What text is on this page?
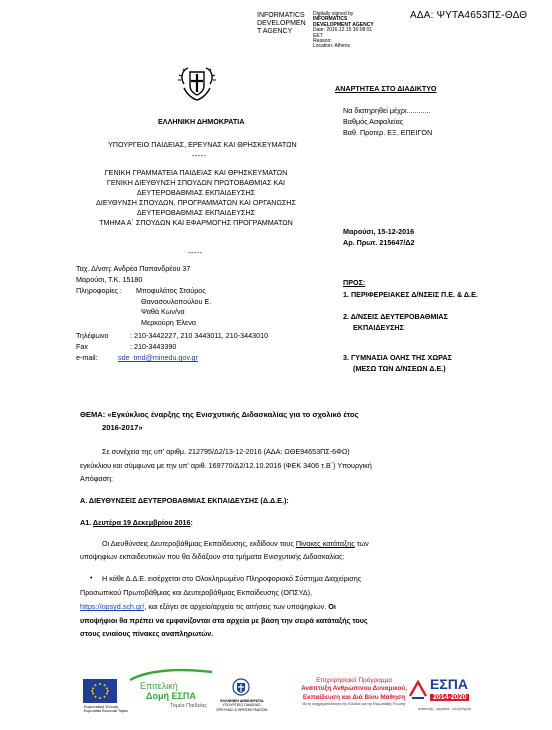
INFORMATICS
DEVELOPMEN
T AGENCY
Digitally signed by
INFORMATICS
DEVELOPMENT AGENCY
Date: 2016.12.15 16:08:01
EET
Reason:
Location: Athens
ΑΔΑ: ΨΥΤΑ4653ΠΣ-ΘΔΘ
ΕΛΛΗΝΙΚΗ ΔΗΜΟΚΡΑΤΙΑ
ΥΠΟΥΡΓΕΙΟ ΠΑΙΔΕΙΑΣ, ΕΡΕΥΝΑΣ ΚΑΙ ΘΡΗΣΚΕΥΜΑΤΩΝ
-----
ΓΕΝΙΚΗ ΓΡΑΜΜΑΤΕΙΑ ΠΑΙΔΕΙΑΣ ΚΑΙ ΘΡΗΣΚΕΥΜΑΤΩΝ
ΓΕΝΙΚΗ ΔΙΕΥΘΥΝΣΗ ΣΠΟΥΔΩΝ ΠΡΩΤΟΒΑΘΜΙΑΣ ΚΑΙ
ΔΕΥΤΕΡΟΒΑΘΜΙΑΣ ΕΚΠΑΙΔΕΥΣΗΣ
ΔΙΕΥΘΥΝΣΗ ΣΠΟΥΔΩΝ, ΠΡΟΓΡΑΜΜΑΤΩΝ ΚΑΙ ΟΡΓΑΝΩΣΗΣ
ΔΕΥΤΕΡΟΒΑΘΜΙΑΣ ΕΚΠΑΙΔΕΥΣΗΣ
ΤΜΗΜΑ Α΄ ΣΠΟΥΔΩΝ ΚΑΙ ΕΦΑΡΜΟΓΗΣ ΠΡΟΓΡΑΜΜΑΤΩΝ
-----
ΑΝΑΡΤΗΤΕΑ ΣΤΟ ΔΙΑΔΙΚΤΥΟ
Να διατηρηθεί μέχρι............
Βαθμός Ασφαλείας
Βαθ. Προτερ. ΕΞ. ΕΠΕΙΓΟΝ
Μαρούσι, 15-12-2016
Αρ. Πρωτ. 215647/Δ2
Ταχ. Δ/νση: Ανδρέα Παπανδρέου 37
Μαρούσι, Τ.Κ. 15180
Πληροφορίες : Μποφυλάτος Σταύρος
Θανασουλοπούλου Ε.
Ψαθά Κων/να
Μερκούρη Έλενα
Τηλέφωνο	: 210-3442227, 210 3443011, 210-3443010
Fax	: 210-3443390
e-mail:	sde_tmd@minedu.gov.gr
ΠΡΟΣ:
1. ΠΕΡΙΦΕΡΕΙΑΚΕΣ Δ/ΝΣΕΙΣ Π.Ε. & Δ.Ε.
2. Δ/ΝΣΕΙΣ ΔΕΥΤΕΡΟΒΑΘΜΙΑΣ
ΕΚΠΑΙΔΕΥΣΗΣ
3. ΓΥΜΝΑΣΙΑ ΟΛΗΣ ΤΗΣ ΧΩΡΑΣ
(ΜΕΣΩ ΤΩΝ Δ/ΝΣΕΩΝ Δ.Ε.)
ΘΕΜΑ: «Εγκύκλιος έναρξης της Ενισχυτικής Διδασκαλίας για το σχολικό έτος
2016-2017»
Σε συνέχεια της υπ' αριθμ. 212795/Δ2/13-12-2016 (ΑΔΑ: ΩΘΕ94653ΠΣ-6ΦΩ)
εγκύκλιου και σύμφωνα με την υπ' αριθ. 169770/Δ2/12.10.2016 (ΦΕΚ 3406 τ.Β΄) Υπουργική
Απόφαση:
Α. ΔΙΕΥΘΥΝΣΕΙΣ ΔΕΥΤΕΡΟΒΑΘΜΙΑΣ ΕΚΠΑΙΔΕΥΣΗΣ (Δ.Δ.Ε.):
Α1. Δευτέρα 19 Δεκεμβρίου 2016:
Οι Διευθύνσεις Δευτεροβάθμιας Εκπαίδευσης, εκδίδουν τους Πίνακες κατάταξης των
υποψηφίων εκπαιδευτικών που θα διδάξουν στα τμήματα Ενισχυτικής Διδασκαλίας:
• Η κάθε Δ.Δ.Ε. εισέρχεται στο Ολοκληρωμένο Πληροφοριακό Σύστημα Διαχείρισης
Προσωπικού Πρωτοβάθμιας και Δευτεροβάθμιας Εκπαίδευσης (ΟΠΣΥΔ),
https://opsyd.sch.gr/, και εξάγει σε αρχείο/αρχεία τις αιτήσεις των υποψηφίων. Οι
υποψήφιοι θα πρέπει να εμφανίζονται στα αρχεία με βάση την σειρά κατάταξής τους
στους ενιαίους πίνακες αναπληρωτών.
Ευρωπαϊκή Ένωση
Ευρωπαϊκό Κοινωνικό Ταμείο
Επιτελική
Δομή ΕΣΠΑ
Τομέα Παιδείας
ΕΛΛΗΝΙΚΗ ΔΗΜΟΚΡΑΤΙΑ
ΥΠΟΥΡΓΕΙΟ ΠΑΙΔΕΙΑΣ,
ΕΡΕΥΝΑΣ & ΘΡΗΣΚΕΥΜΑΤΩΝ
Επιχειρησιακό Πρόγραμμα
Ανάπτυξη Ανθρώπινου Δυναμικού,
Εκπαίδευση και Διά Βίου Μάθηση
Με τη συγχρηματοδότηση της Ελλάδας και της Ευρωπαϊκής Ένωσης
ΕΣΠΑ
2014-2020
ανάπτυξη - εργασία - αλληλεγγύη
